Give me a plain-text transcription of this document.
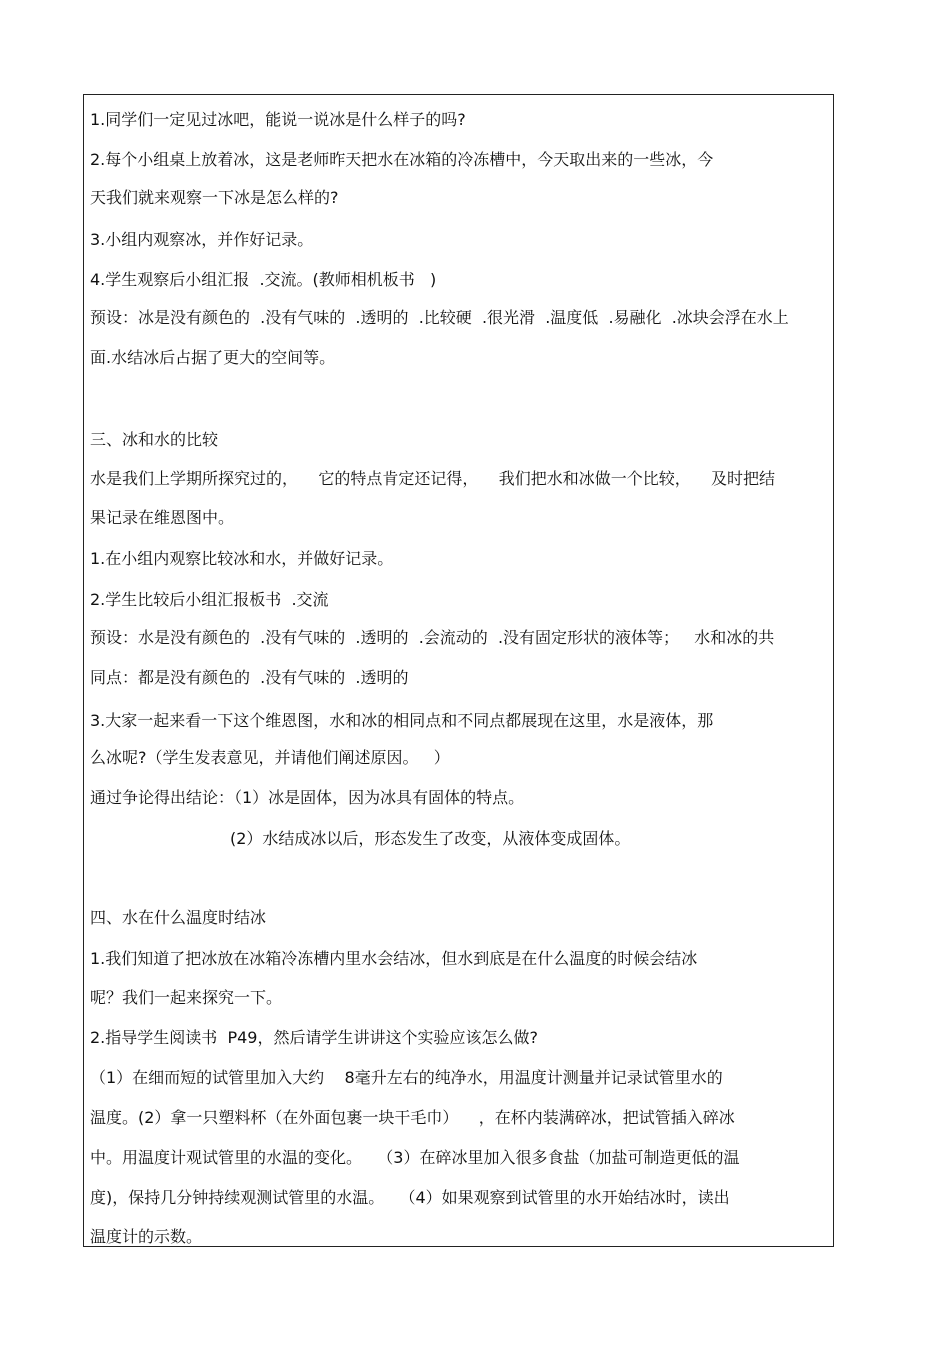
1.同学们一定见过冰吧，能说一说冰是什么样子的吗?
2.每个小组桌上放着冰，这是老师昨天把水在冰箱的冷冻槽中，今天取出来的一些冰，今
天我们就来观察一下冰是怎么样的?
3.小组内观察冰，并作好记录。
4.学生观察后小组汇报  .交流。(教师相机板书   )
预设：冰是没有颜色的  .没有气味的  .透明的  .比较硬  .很光滑  .温度低  .易融化  .冰块会浮在水上
面.水结冰后占据了更大的空间等。
三、冰和水的比较
水是我们上学期所探究过的，    它的特点肯定还记得，    我们把水和冰做一个比较，    及时把结
果记录在维恩图中。
1.在小组内观察比较冰和水，并做好记录。
2.学生比较后小组汇报板书  .交流
预设：水是没有颜色的  .没有气味的  .透明的  .会流动的  .没有固定形状的液体等；   水和冰的共
同点：都是没有颜色的  .没有气味的  .透明的
3.大家一起来看一下这个维恩图，水和冰的相同点和不同点都展现在这里，水是液体，那
么冰呢?（学生发表意见，并请他们阐述原因。   ）
通过争论得出结论：（1）冰是固体，因为冰具有固体的特点。
(2）水结成冰以后，形态发生了改变，从液体变成固体。
四、水在什么温度时结冰
1.我们知道了把冰放在冰箱冷冻槽内里水会结冰，但水到底是在什么温度的时候会结冰
呢？我们一起来探究一下。
2.指导学生阅读书  P49，然后请学生讲讲这个实验应该怎么做?
（1）在细而短的试管里加入大约    8毫升左右的纯净水，用温度计测量并记录试管里水的
温度。(2）拿一只塑料杯（在外面包裹一块干毛巾）    ，在杯内装满碎冰，把试管插入碎冰
中。用温度计观试管里的水温的变化。   （3）在碎冰里加入很多食盐（加盐可制造更低的温
度)，保持几分钟持续观测试管里的水温。   （4）如果观察到试管里的水开始结冰时，读出
温度计的示数。
